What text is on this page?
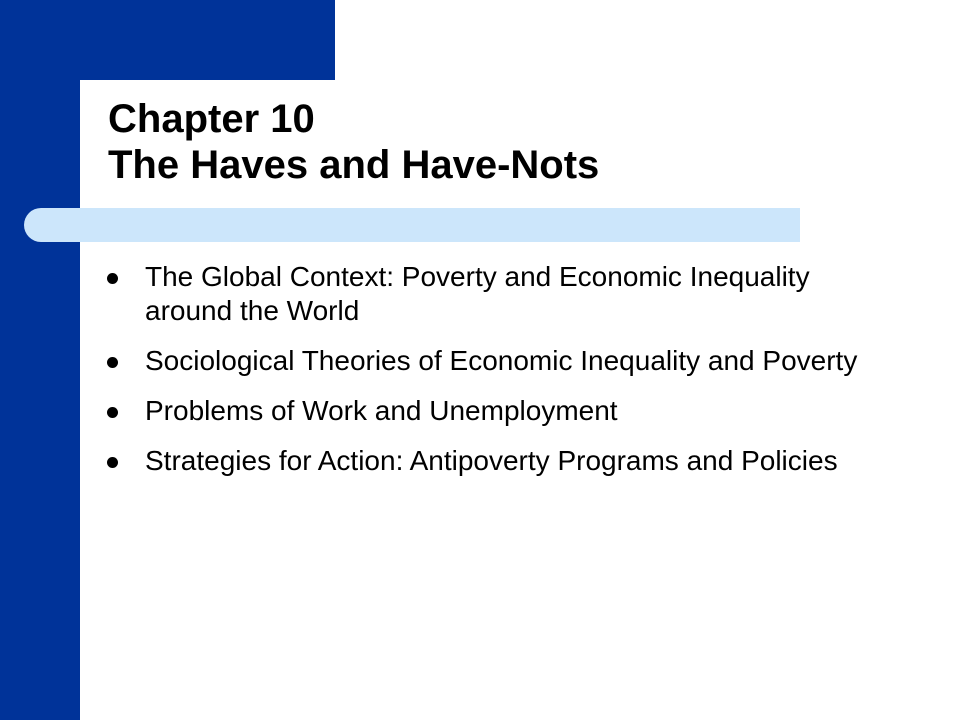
Chapter 10
The Haves and Have-Nots
The Global Context: Poverty and Economic Inequality around the World
Sociological Theories of Economic Inequality and Poverty
Problems of Work and Unemployment
Strategies for Action: Antipoverty Programs and Policies
